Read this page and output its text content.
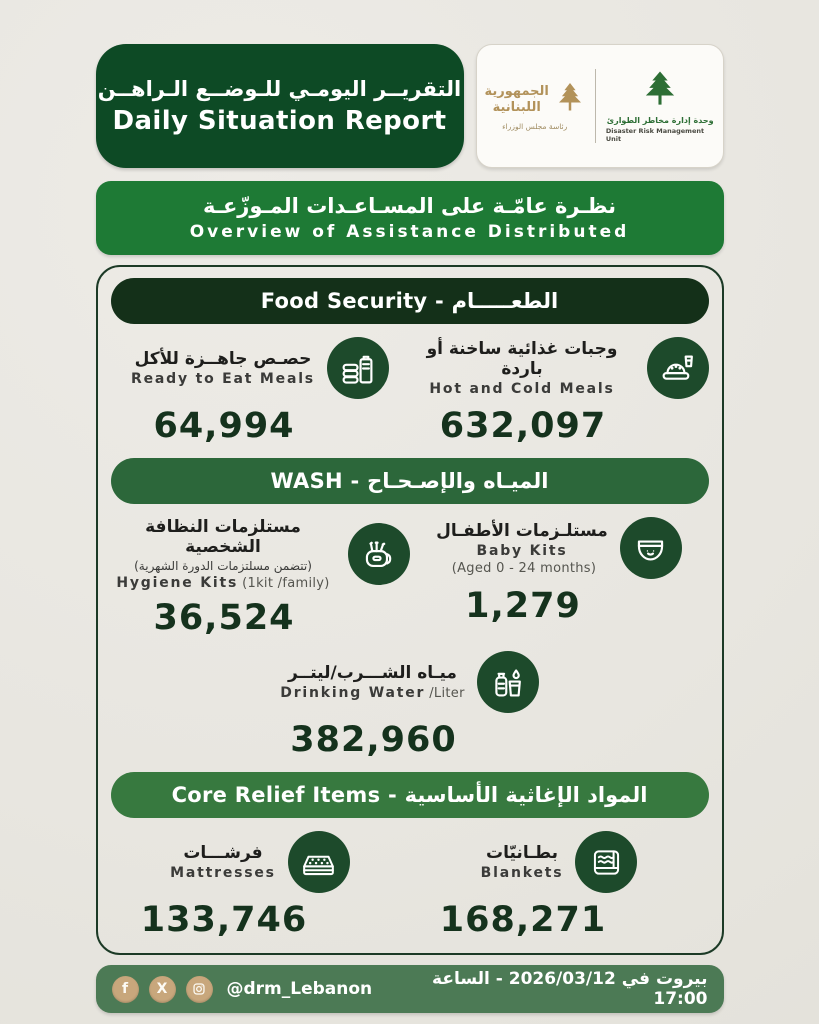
التقريــر اليومـي للـوضــع الـراهــن
Daily Situation Report
الجمهورية اللبنانية
رئاسة مجلس الوزراء
وحدة إدارة مخاطر الطوارئ
Disaster Risk Management Unit
نظـرة عامّـة على المسـاعـدات المـوزّعـة
Overview of Assistance Distributed
Food Security - الطعـــــام
حصـص جاهــزة للأكل
Ready to Eat Meals
64,994
وجبات غذائية ساخنة أو باردة
Hot and Cold Meals
632,097
WASH - الميـاه والإصـحـاح
مستلزمات النظافة الشخصية
(تتضمن مسلتزمات الدورة الشهرية)
Hygiene Kits (1kit /family)
36,524
مستلـزمات الأطفـال
Baby Kits
(Aged 0 - 24 months)
1,279
ميـاه الشـــرب/ليتــر
Drinking Water /Liter
382,960
Core Relief Items - المواد الإغاثية الأساسية
فرشـــات
Mattresses
133,746
بطـانيّات
Blankets
168,271
f	X	@drm_Lebanon	بيروت في 2026/03/12 - الساعة 17:00
